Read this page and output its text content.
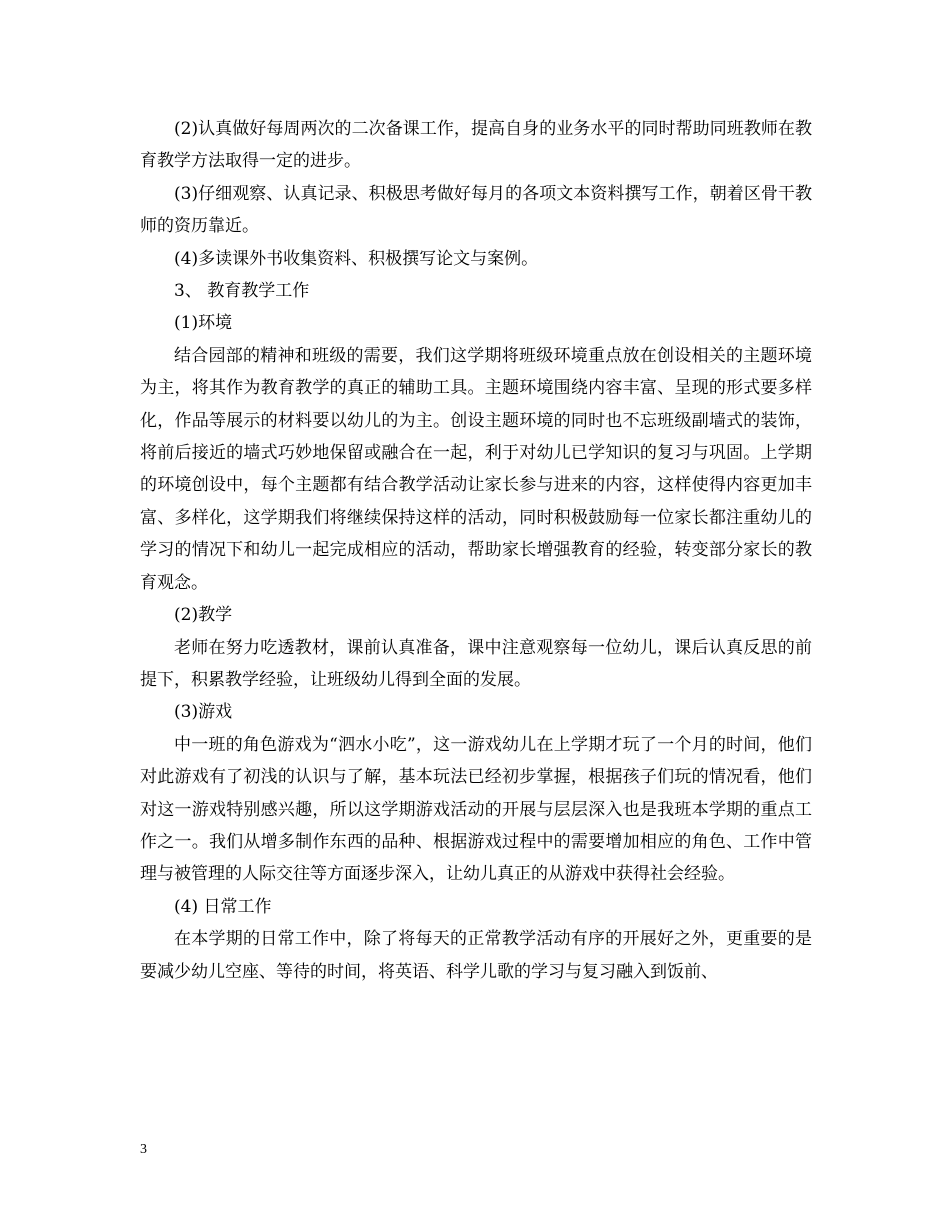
(2)认真做好每周两次的二次备课工作，提高自身的业务水平的同时帮助同班教师在教育教学方法取得一定的进步。

(3)仔细观察、认真记录、积极思考做好每月的各项文本资料撰写工作，朝着区骨干教师的资历靠近。

(4)多读课外书收集资料、积极撰写论文与案例。

3、 教育教学工作

(1)环境

结合园部的精神和班级的需要，我们这学期将班级环境重点放在创设相关的主题环境为主，将其作为教育教学的真正的辅助工具。主题环境围绕内容丰富、呈现的形式要多样化，作品等展示的材料要以幼儿的为主。创设主题环境的同时也不忘班级副墙式的装饰，将前后接近的墙式巧妙地保留或融合在一起，利于对幼儿已学知识的复习与巩固。上学期的环境创设中，每个主题都有结合教学活动让家长参与进来的内容，这样使得内容更加丰富、多样化，这学期我们将继续保持这样的活动，同时积极鼓励每一位家长都注重幼儿的学习的情况下和幼儿一起完成相应的活动，帮助家长增强教育的经验，转变部分家长的教育观念。

(2)教学

老师在努力吃透教材，课前认真准备，课中注意观察每一位幼儿，课后认真反思的前提下，积累教学经验，让班级幼儿得到全面的发展。

(3)游戏

中一班的角色游戏为“泗水小吃”，这一游戏幼儿在上学期才玩了一个月的时间，他们对此游戏有了初浅的认识与了解，基本玩法已经初步掌握，根据孩子们玩的情况看，他们对这一游戏特别感兴趣，所以这学期游戏活动的开展与层层深入也是我班本学期的重点工作之一。我们从增多制作东西的品种、根据游戏过程中的需要增加相应的角色、工作中管理与被管理的人际交往等方面逐步深入，让幼儿真正的从游戏中获得社会经验。

(4) 日常工作

在本学期的日常工作中，除了将每天的正常教学活动有序的开展好之外，更重要的是要减少幼儿空座、等待的时间，将英语、科学儿歌的学习与复习融入到饭前、

3
